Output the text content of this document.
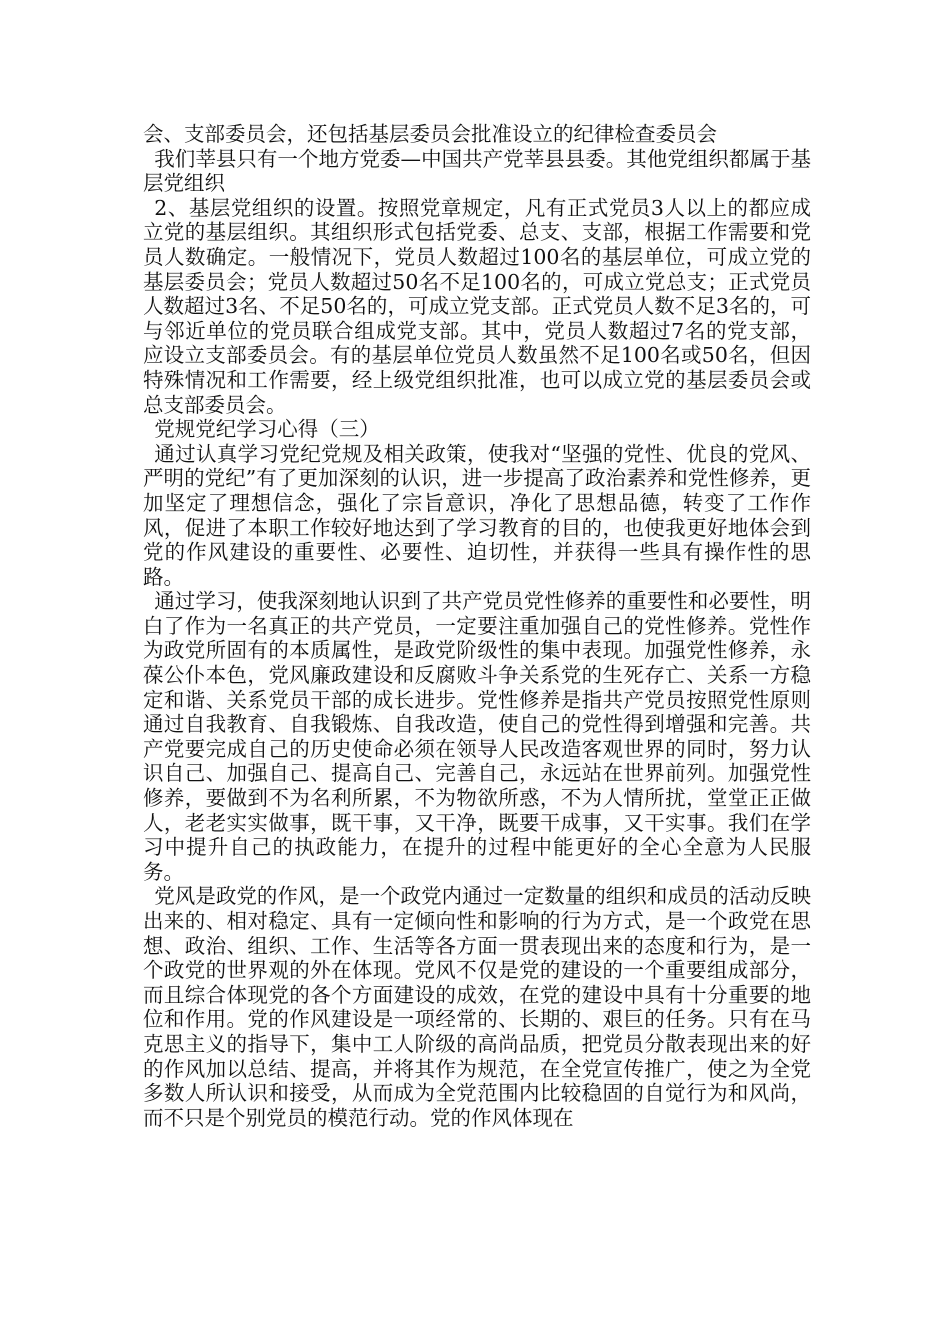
会、支部委员会，还包括基层委员会批准设立的纪律检查委员会

我们莘县只有一个地方党委—中国共产党莘县县委。其他党组织都属于基层党组织

2、基层党组织的设置。按照党章规定，凡有正式党员3人以上的都应成立党的基层组织。其组织形式包括党委、总支、支部，根据工作需要和党员人数确定。一般情况下，党员人数超过100名的基层单位，可成立党的基层委员会；党员人数超过50名不足100名的，可成立党总支；正式党员人数超过3名、不足50名的，可成立党支部。正式党员人数不足3名的，可与邻近单位的党员联合组成党支部。其中，党员人数超过7名的党支部，应设立支部委员会。有的基层单位党员人数虽然不足100名或50名，但因特殊情况和工作需要，经上级党组织批准，也可以成立党的基层委员会或总支部委员会。

党规党纪学习心得（三）

通过认真学习党纪党规及相关政策，使我对“坚强的党性、优良的党风、严明的党纪”有了更加深刻的认识，进一步提高了政治素养和党性修养，更加坚定了理想信念，强化了宗旨意识，净化了思想品德，转变了工作作风，促进了本职工作较好地达到了学习教育的目的，也使我更好地体会到党的作风建设的重要性、必要性、迫切性，并获得一些具有操作性的思路。

通过学习，使我深刻地认识到了共产党员党性修养的重要性和必要性，明白了作为一名真正的共产党员，一定要注重加强自己的党性修养。党性作为政党所固有的本质属性，是政党阶级性的集中表现。加强党性修养，永葆公仆本色，党风廉政建设和反腐败斗争关系党的生死存亡、关系一方稳定和谐、关系党员干部的成长进步。党性修养是指共产党员按照党性原则通过自我教育、自我锻炼、自我改造，使自己的党性得到增强和完善。共产党要完成自己的历史使命必须在领导人民改造客观世界的同时，努力认识自己、加强自己、提高自己、完善自己，永远站在世界前列。加强党性修养，要做到不为名利所累，不为物欲所惑，不为人情所扰，堂堂正正做人，老老实实做事，既干事，又干净，既要干成事，又干实事。我们在学习中提升自己的执政能力，在提升的过程中能更好的全心全意为人民服务。

党风是政党的作风，是一个政党内通过一定数量的组织和成员的活动反映出来的、相对稳定、具有一定倾向性和影响的行为方式，是一个政党在思想、政治、组织、工作、生活等各方面一贯表现出来的态度和行为，是一个政党的世界观的外在体现。党风不仅是党的建设的一个重要组成部分，而且综合体现党的各个方面建设的成效，在党的建设中具有十分重要的地位和作用。党的作风建设是一项经常的、长期的、艰巨的任务。只有在马克思主义的指导下，集中工人阶级的高尚品质，把党员分散表现出来的好的作风加以总结、提高，并将其作为规范，在全党宣传推广，使之为全党多数人所认识和接受，从而成为全党范围内比较稳固的自觉行为和风尚，而不只是个别党员的模范行动。党的作风体现在
